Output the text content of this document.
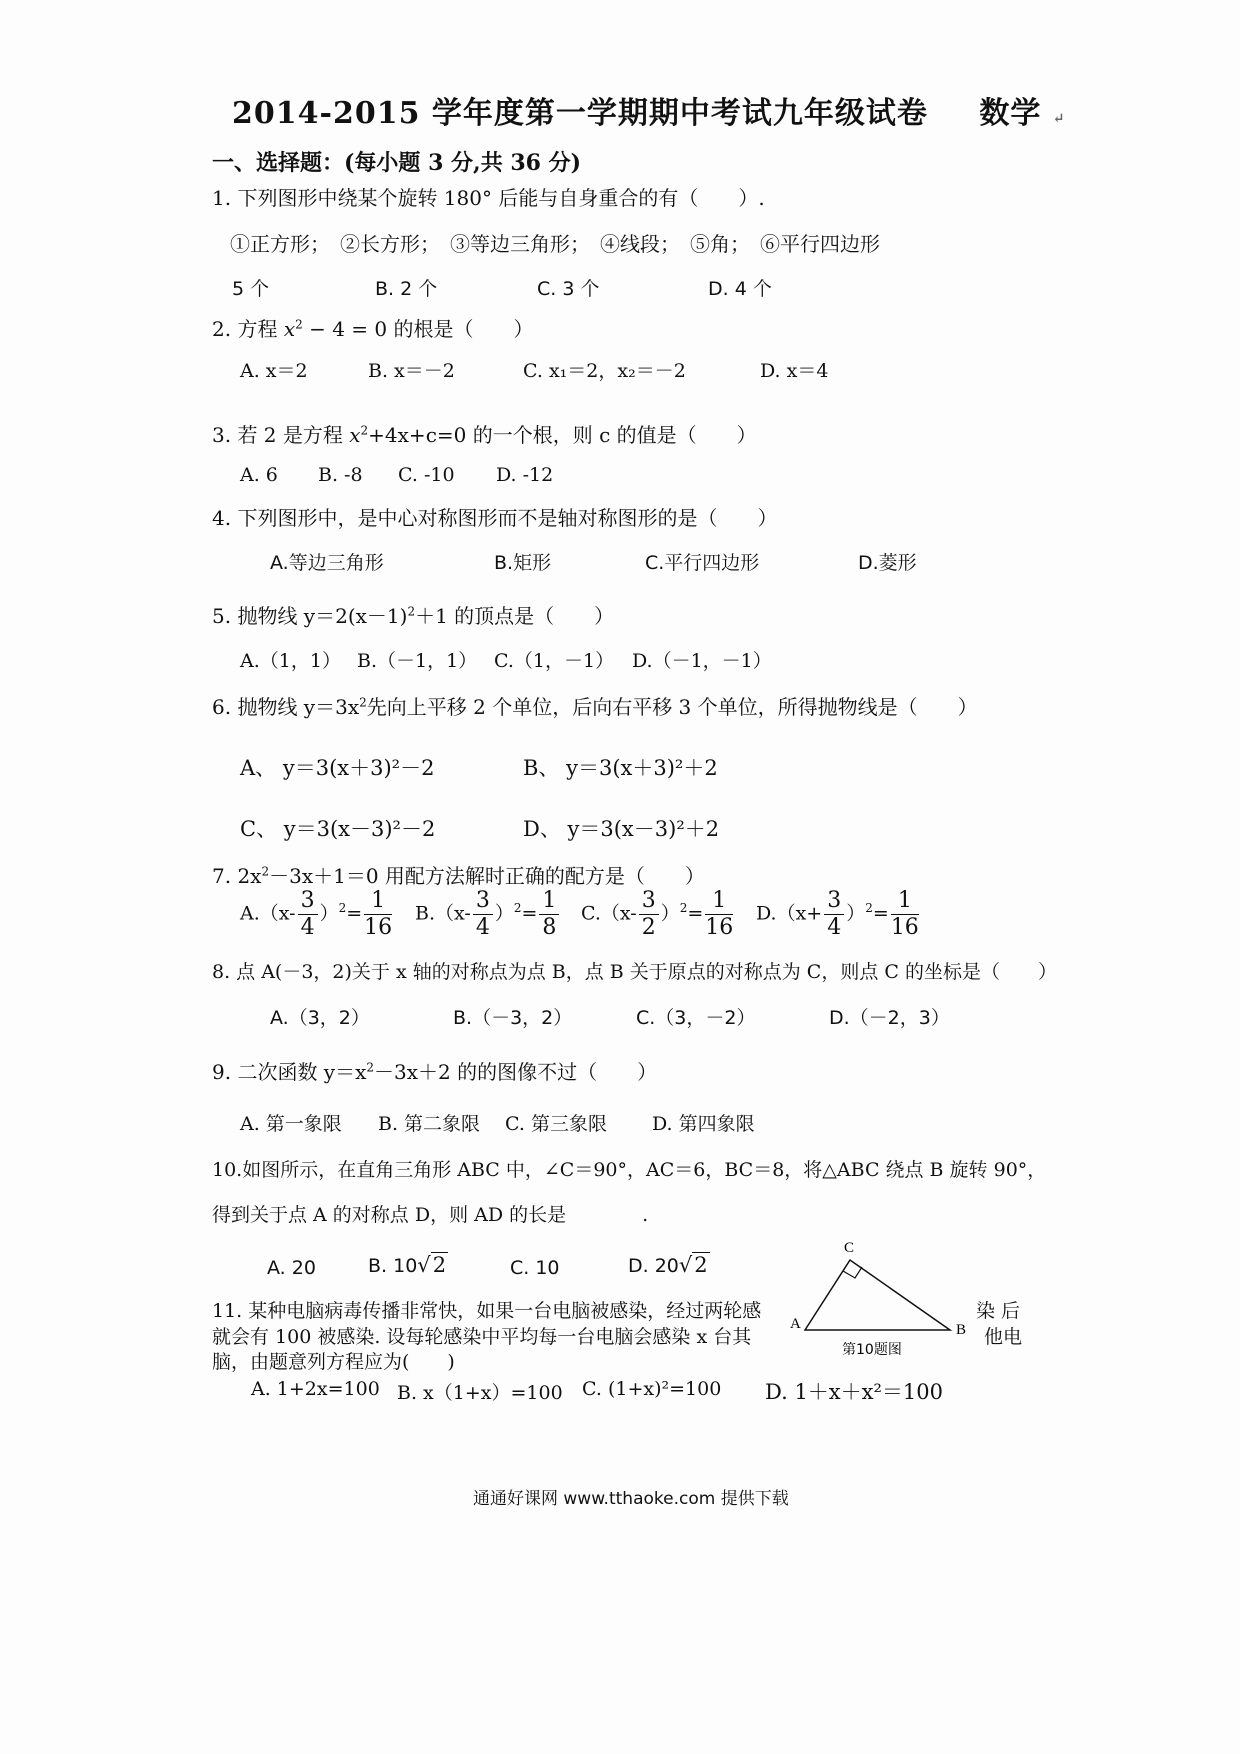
2014-2015 学年度第一学期期中考试九年级试卷 数学 ↵
一、选择题：(每小题 3 分,共 36 分)
1. 下列图形中绕某个旋转 180° 后能与自身重合的有（　　）.
①正方形；　②长方形；　③等边三角形；　④线段；　⑤角；　⑥平行四边形
5 个	B. 2 个	C. 3 个	D. 4 个
2. 方程 $x^2 - 4 = 0$ 的根是（　　）
A. x＝2	B. x＝－2	C. x₁＝2，x₂＝－2	D. x＝4
3. 若 2 是方程 $x^2+4x+c=0$ 的一个根，则 c 的值是（　　）
A. 6 B. -8 C. -10 D. -12
4. 下列图形中，是中心对称图形而不是轴对称图形的是（　　）
A.等边三角形	B.矩形	C.平行四边形	D.菱形
5. 抛物线 $y=2(x-1)^2+1$ 的顶点是（　　）
A.（1，1） B.（－1，1） C.（1，－1） D.（－1，－1）
6. 抛物线 $y=3x^2$先向上平移 2 个单位，后向右平移 3 个单位，所得抛物线是（　　）
A、 y＝3(x＋3)²－2	B、 y＝3(x＋3)²＋2
C、 y＝3(x－3)²－2	D、 y＝3(x－3)²＋2
7. $2x^2-3x+1=0$ 用配方法解时正确的配方是（　　）
$A.(x- \frac{3}{4} )^2= \frac{1}{16} B.(x- \frac{3}{4} )^2= \frac{1}{8} C.(x- \frac{3}{2} )^2= \frac{1}{16} D.(x+ \frac{3}{4} )^2= \frac{1}{16}$
8. 点 A(－3，2)关于 x 轴的对称点为点 B，点 B 关于原点的对称点为 C，则点 C 的坐标是（　　）
A.（3，2）	B.（－3，2）	C.（3，－2）	D.（－2，3）
9. 二次函数 $y=x^2-3x+2$ 的的图像不过（　　）
A. 第一象限 B. 第二象限 C. 第三象限 D. 第四象限
10.如图所示，在直角三角形 ABC 中，∠C＝90°，AC＝6，BC＝8，将△ABC 绕点 B 旋转 90°，
得到关于点 A 的对称点 D，则 AD 的长是　　　　.
A. 20	B. 10√ 2	C. 10	D. 20√ 2
A
C
B
第10题图
11. 某种电脑病毒传播非常快，如果一台电脑被感染，经过两轮感	染 后
就会有 100 被感染. 设每轮感染中平均每一台电脑会感染 x 台其	他电
脑，由题意列方程应为(　　)
A. 1+2x=100 B. x（1+x）=100 C. (1+x)²=100 D. 1＋x＋x²＝100
通通好课网 www.tthaoke.com 提供下载
